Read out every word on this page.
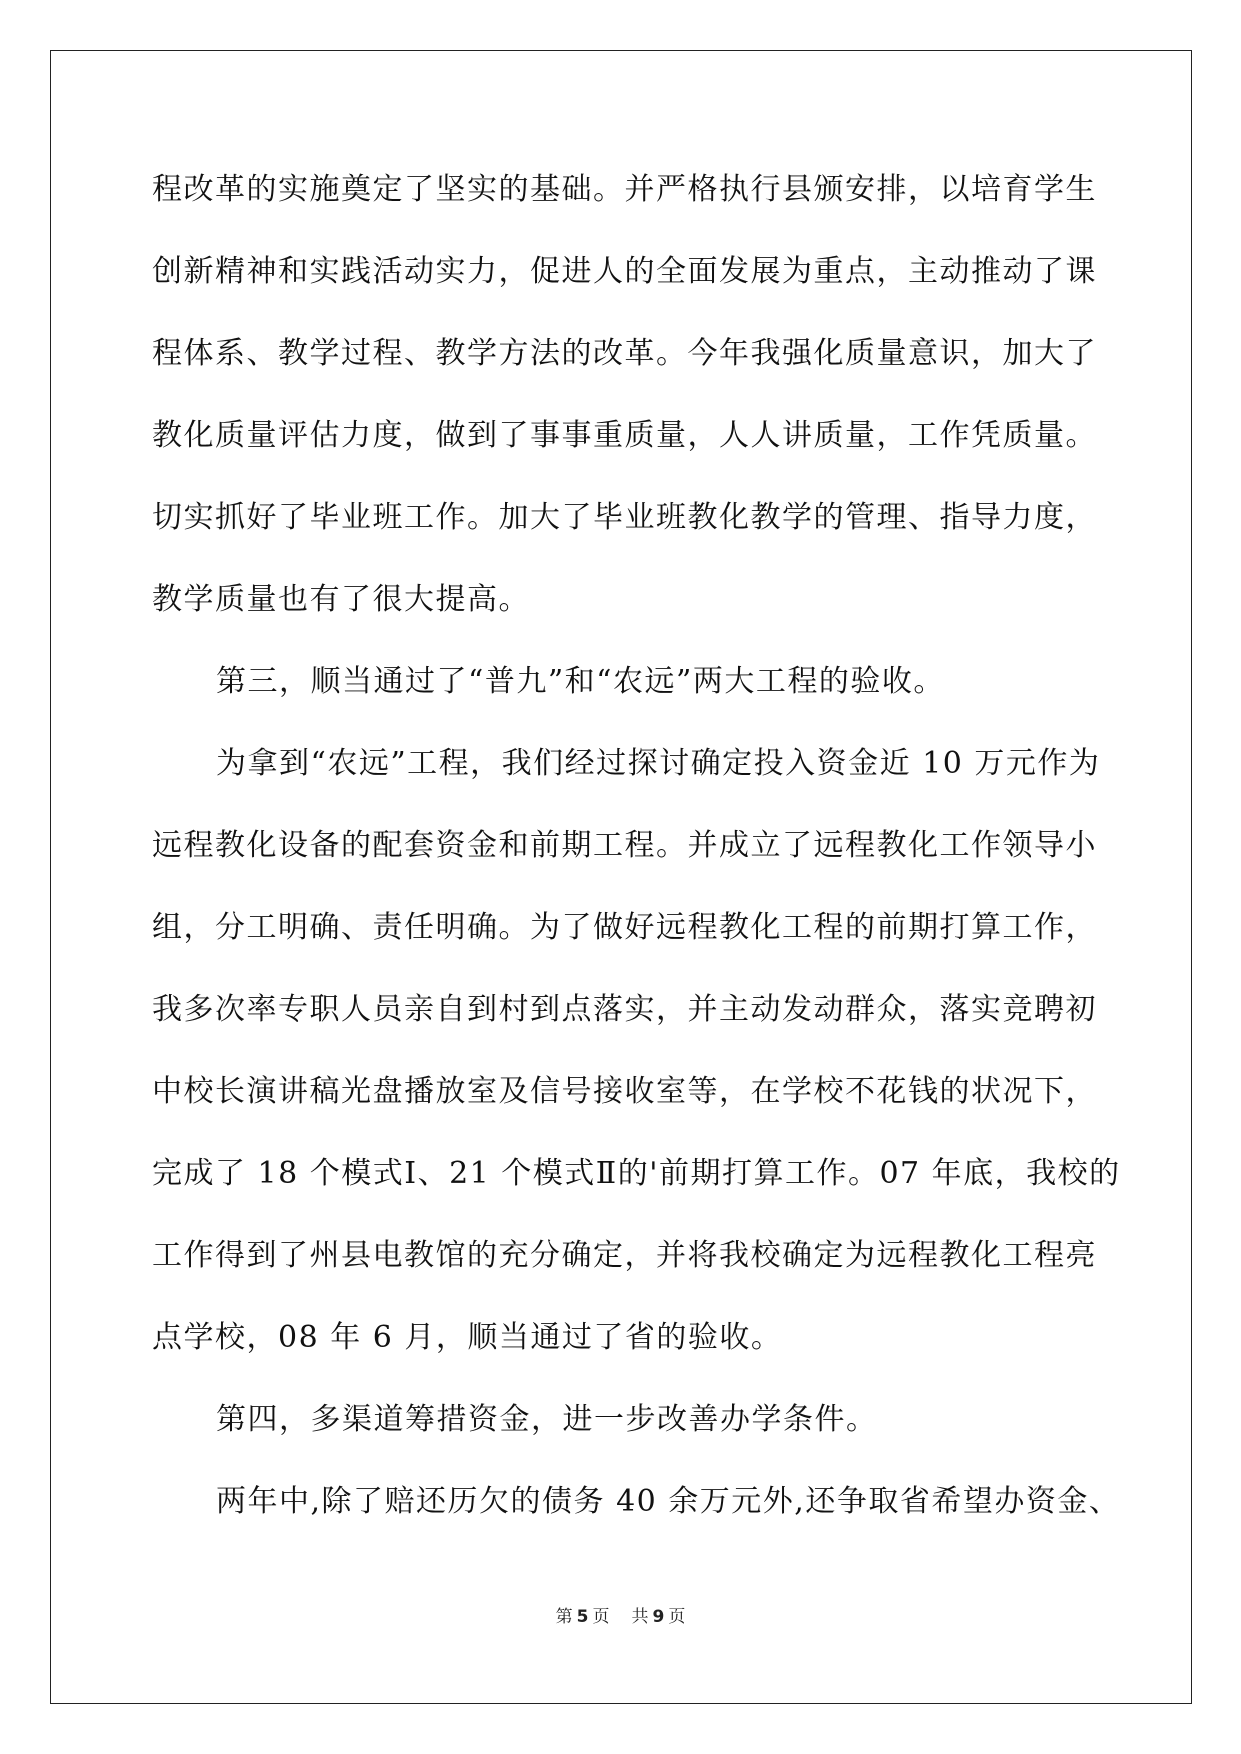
程改革的实施奠定了坚实的基础。并严格执行县颁安排，以培育学生
创新精神和实践活动实力，促进人的全面发展为重点，主动推动了课
程体系、教学过程、教学方法的改革。今年我强化质量意识，加大了
教化质量评估力度，做到了事事重质量，人人讲质量，工作凭质量。
切实抓好了毕业班工作。加大了毕业班教化教学的管理、指导力度，
教学质量也有了很大提高。
第三，顺当通过了“普九”和“农远”两大工程的验收。
为拿到“农远”工程，我们经过探讨确定投入资金近 10 万元作为
远程教化设备的配套资金和前期工程。并成立了远程教化工作领导小
组，分工明确、责任明确。为了做好远程教化工程的前期打算工作，
我多次率专职人员亲自到村到点落实，并主动发动群众，落实竞聘初
中校长演讲稿光盘播放室及信号接收室等，在学校不花钱的状况下，
完成了 18 个模式Ⅰ、21 个模式Ⅱ的'前期打算工作。07 年底，我校的
工作得到了州县电教馆的充分确定，并将我校确定为远程教化工程亮
点学校，08 年 6 月，顺当通过了省的验收。
第四，多渠道筹措资金，进一步改善办学条件。
两年中,除了赔还历欠的债务 40 余万元外,还争取省希望办资金、
第 5 页 共 9 页
